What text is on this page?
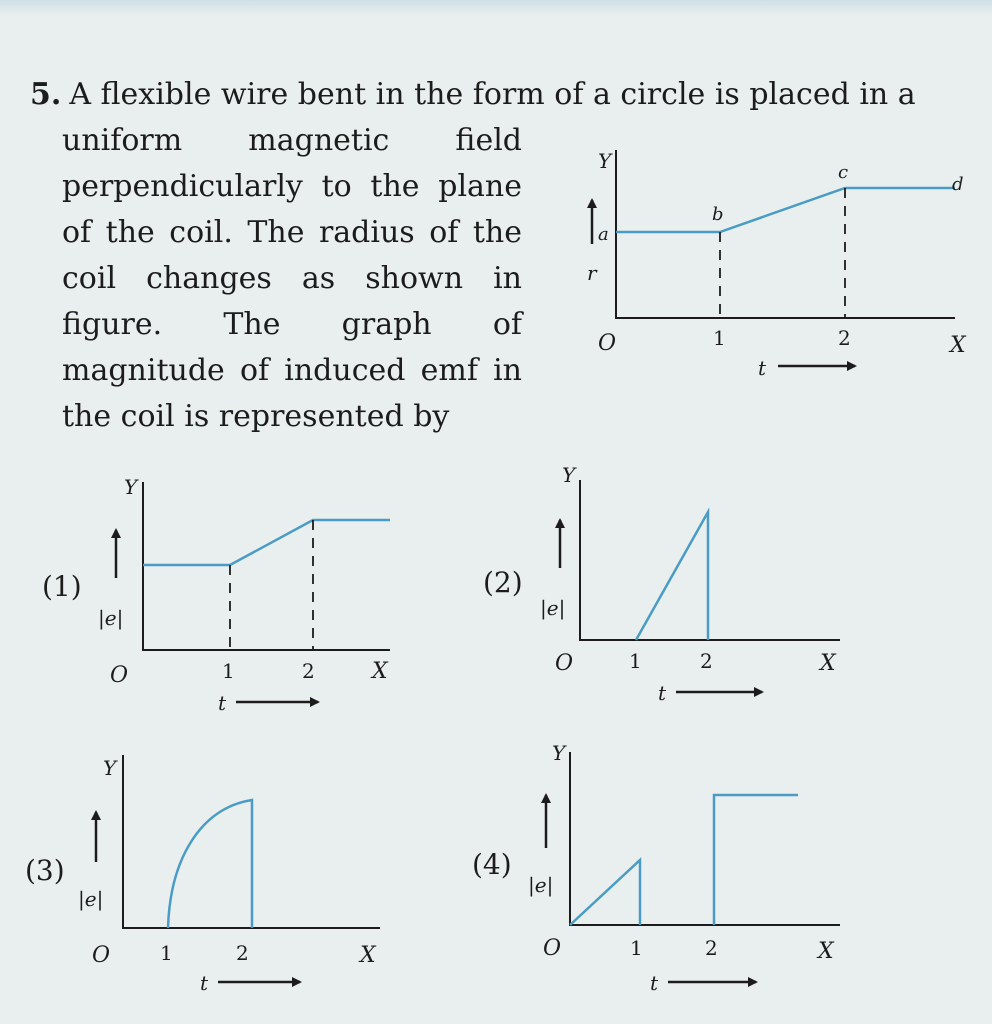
5. A flexible wire bent in the form of a circle is placed in a
uniform magnetic field
perpendicularly to the plane
of the coil. The radius of the
coil changes as shown in
figure. The graph of
magnitude of induced emf in
the coil is represented by
Y
r
a
b
c
d
O	1	2	X
t
(1)
Y
|e|
O	1	2	X
t
(2)
Y
|e|
O	1	2	X
t
(3)
Y
|e|
O 1	2	X
t
(4)
Y
|e|
O	1	2	X
t
